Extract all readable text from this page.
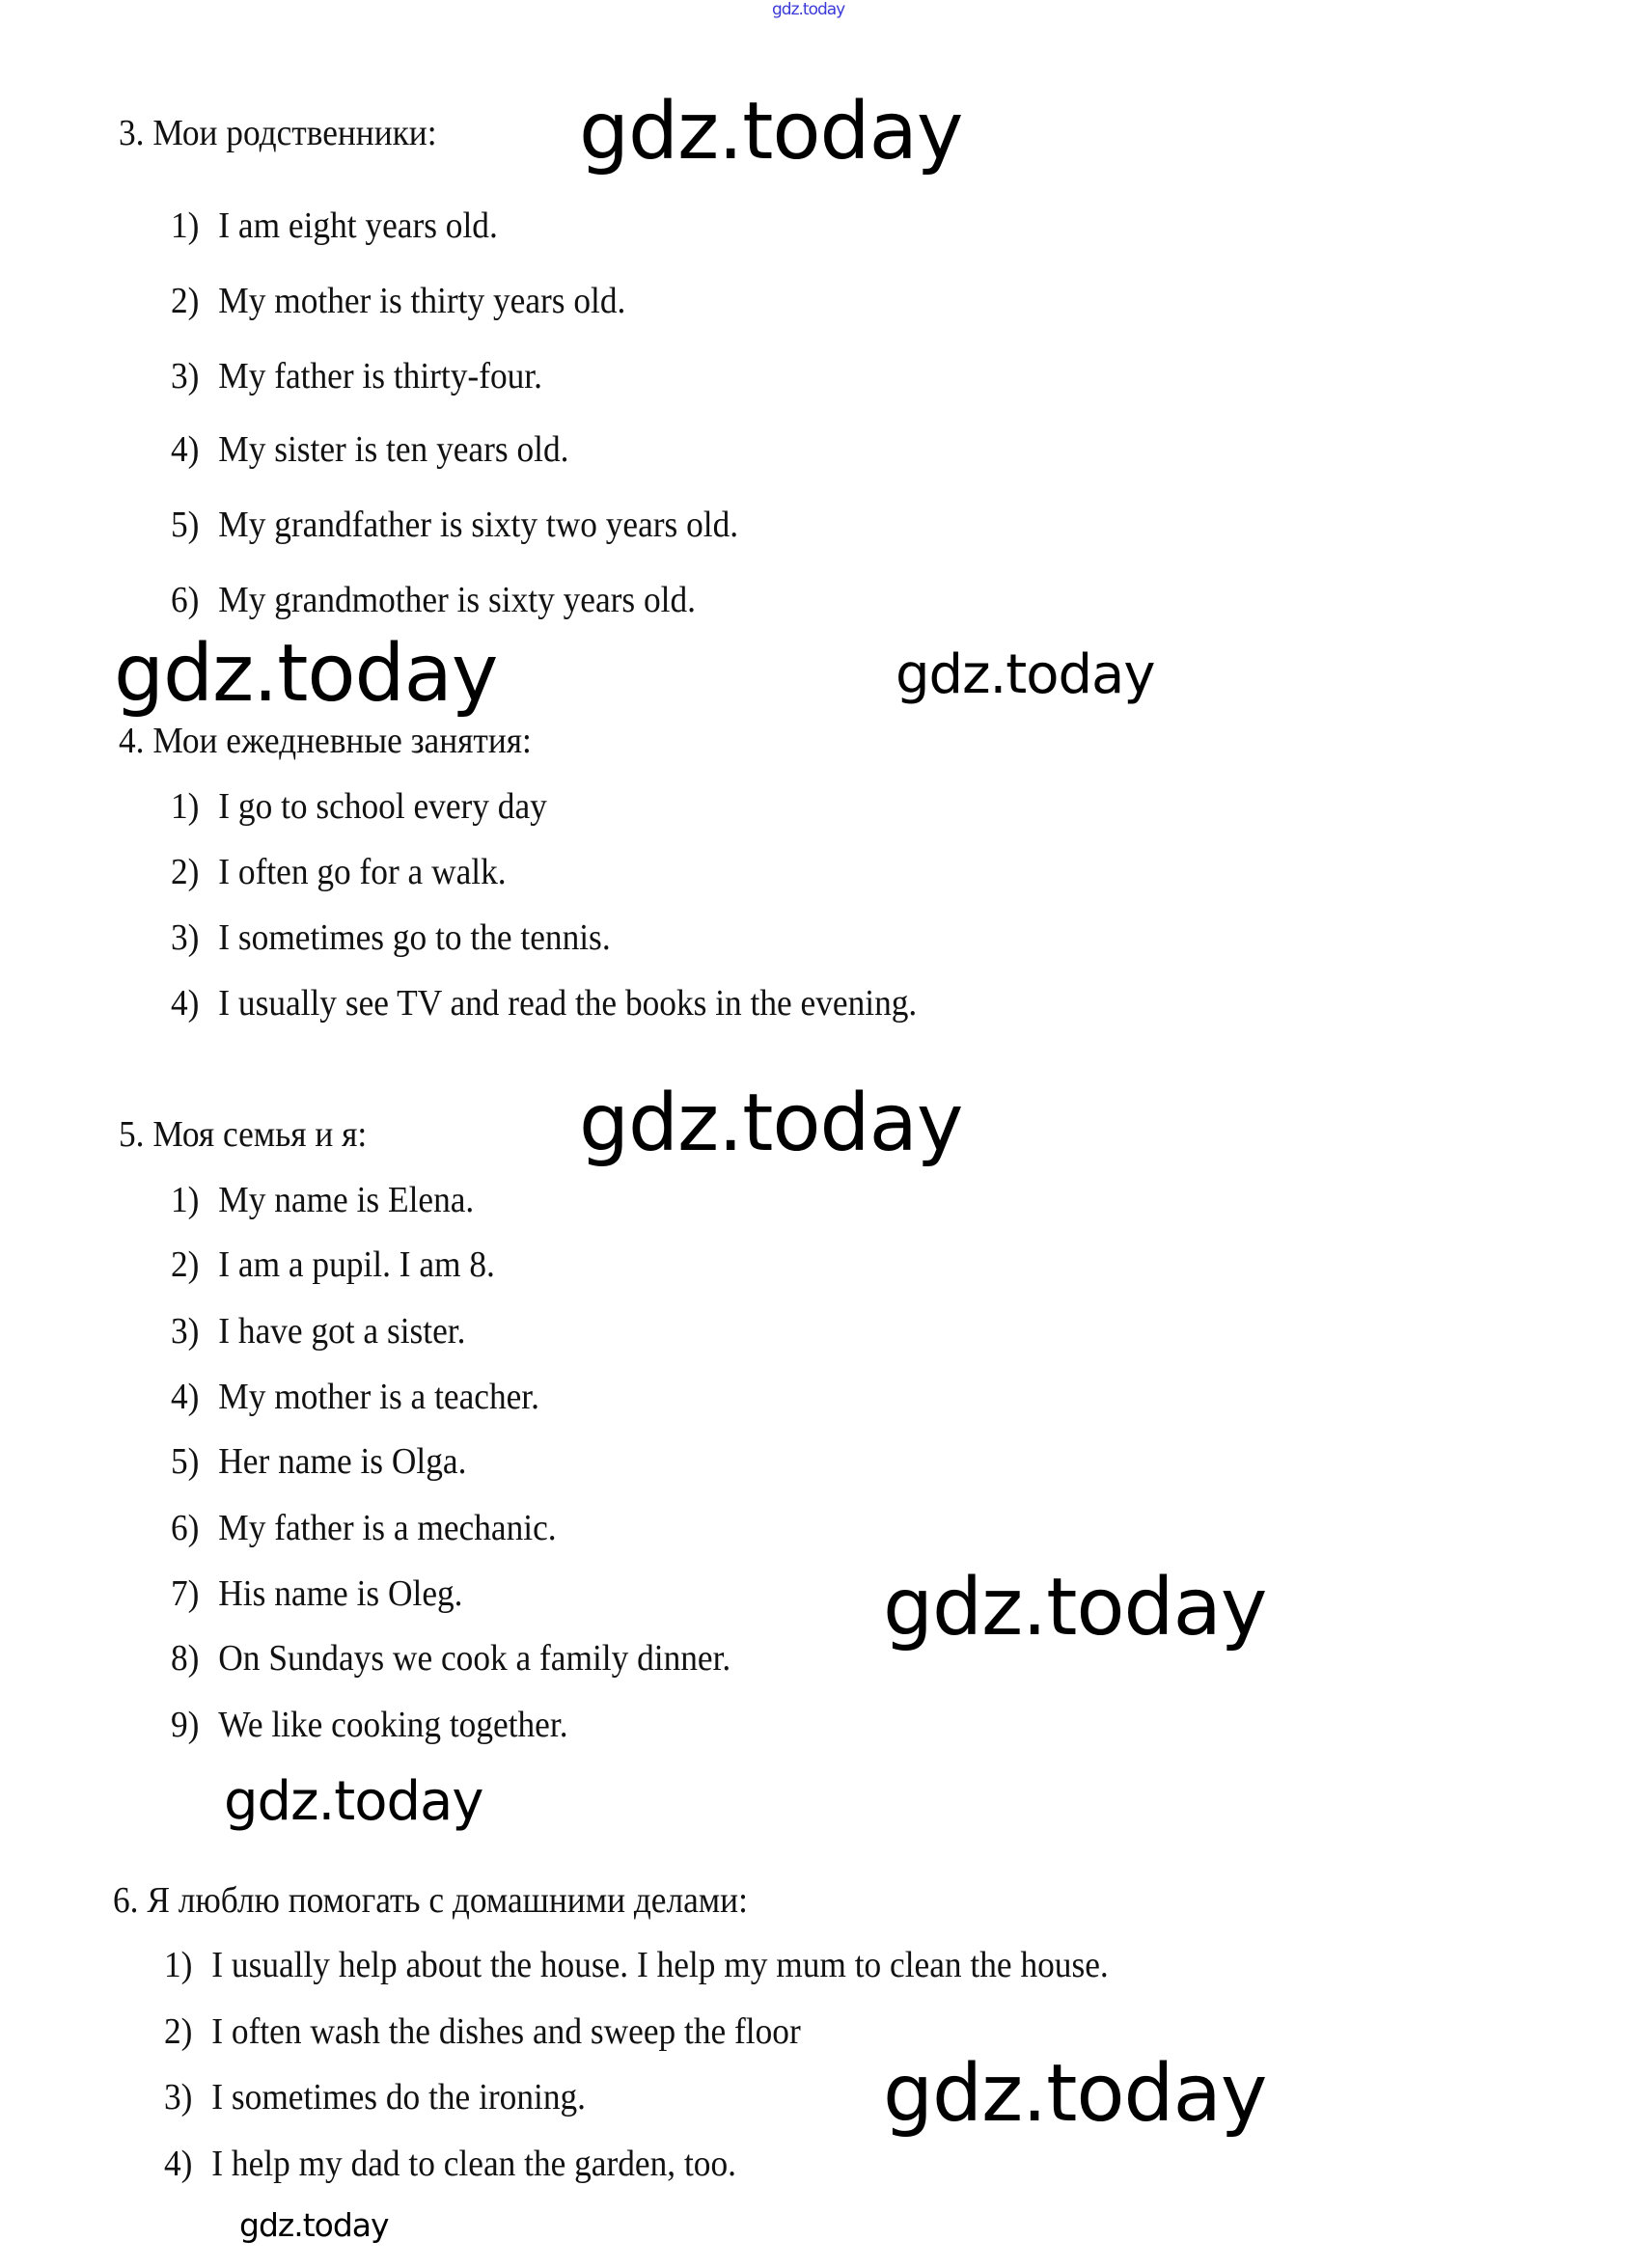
gdz.today
gdz.today
gdz.today	gdz.today
gdz.today
gdz.today
gdz.today
gdz.today
gdz.today
3. Мои родственники:
1) I am eight years old.
2) My mother is thirty years old.
3) My father is thirty-four.
4) My sister is ten years old.
5) My grandfather is sixty two years old.
6) My grandmother is sixty years old.
4. Мои ежедневные занятия:
1) I go to school every day
2) I often go for a walk.
3) I sometimes go to the tennis.
4) I usually see TV and read the books in the evening.
5. Моя семья и я:
1) My name is Elena.
2) I am a pupil. I am 8.
3) I have got a sister.
4) My mother is a teacher.
5) Her name is Olga.
6) My father is a mechanic.
7) His name is Oleg.
8) On Sundays we cook a family dinner.
9) We like cooking together.
6. Я люблю помогать с домашними делами:
1) I usually help about the house. I help my mum to clean the house.
2) I often wash the dishes and sweep the floor
3) I sometimes do the ironing.
4) I help my dad to clean the garden, too.
